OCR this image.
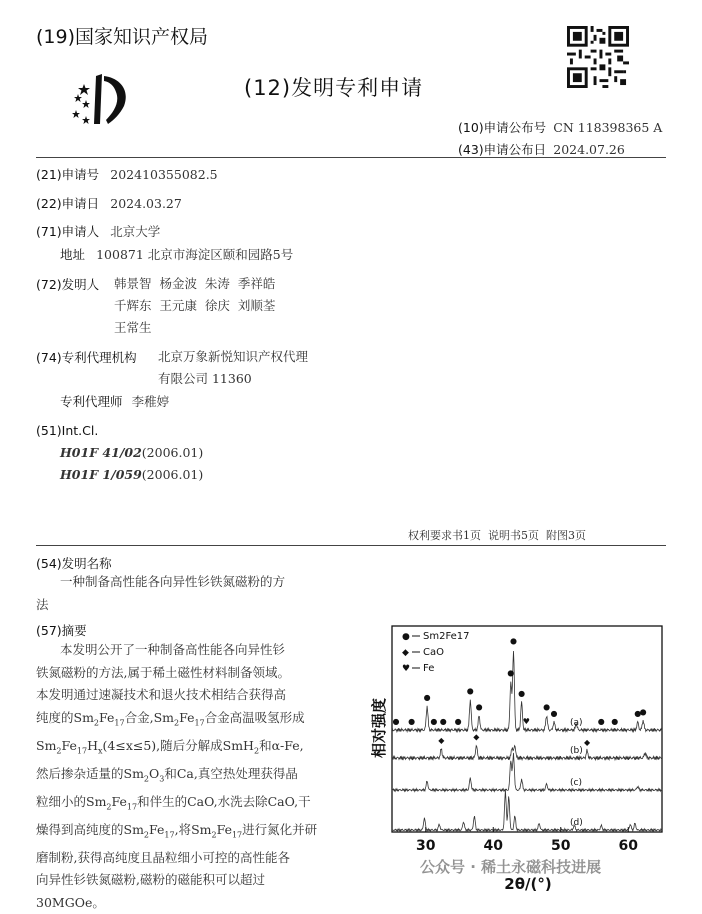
(19)国家知识产权局
(12)发明专利申请
(10)申请公布号 CN 118398365 A
(43)申请公布日 2024.07.26
(21)申请号 202410355082.5
(22)申请日 2024.03.27
(71)申请人 北京大学
地址 100871 北京市海淀区颐和园路5号
(72)发明人 韩景智  杨金波  朱涛  季祥皓
千辉东  王元康  徐庆  刘顺荃
王常生
(74)专利代理机构 北京万象新悦知识产权代理
有限公司 11360
专利代理师 李稚婷
(51)Int.Cl.
H01F 41/02(2006.01)
H01F 1/059(2006.01)
权利要求书1页  说明书5页  附图3页
(54)发明名称
一种制备高性能各向异性钐铁氮磁粉的方
法
(57)摘要
本发明公开了一种制备高性能各向异性钐
铁氮磁粉的方法,属于稀土磁性材料制备领域。
本发明通过速凝技术和退火技术相结合获得高
纯度的$Sm_2Fe_{17}$合金$,Sm_2Fe_{17}$合金高温吸氢形成
$Sm_2Fe_{17}H_x(4\le x\le 5)$,随后分解成SmH$_2$和α-Fe,
然后掺杂适量的$Sm_2O_3$和Ca,真空热处理获得晶
粒细小的$Sm_2Fe_{17}$和伴生的CaO,水洗去除CaO,干
燥得到高纯度的$Sm_2Fe_{17}$,将$Sm_2Fe_{17}$进行氮化并研
磨制粉,获得高纯度且晶粒细小可控的高性能各
向异性钐铁氮磁粉,磁粉的磁能积可以超过
30MGOe。
● Sm2Fe17
◆ CaO
♥ Fe
(a)
(b)
(c)
(d)
● ●
●
● ● ●
●
●
●
●
●
●
●
● ●
●
●
♥
◆	◆
◆
30	40	50	60
相对强度
2θ/(°)
公众号 · 稀土永磁科技进展
